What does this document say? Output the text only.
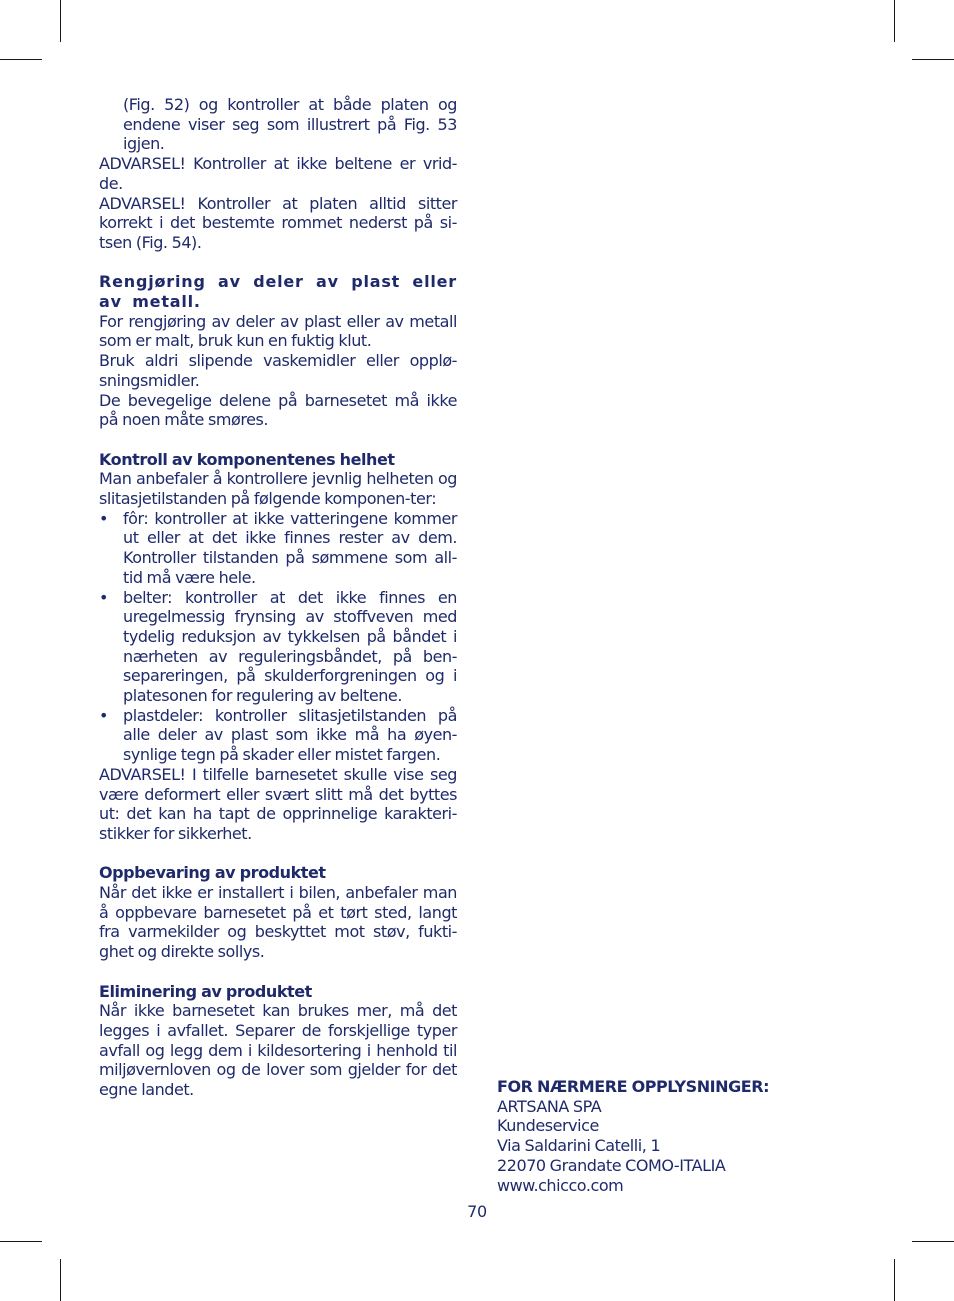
(Fig. 52) og kontroller at både platen og endene viser seg som illustrert på Fig. 53 igjen.

ADVARSEL! Kontroller at ikke beltene er vrid-de.

ADVARSEL! Kontroller at platen alltid sitter korrekt i det bestemte rommet nederst på si-tsen (Fig. 54).

Rengjøring av deler av plast eller av metall.

For rengjøring av deler av plast eller av metall som er malt, bruk kun en fuktig klut.

Bruk aldri slipende vaskemidler eller opplø-sningsmidler.

De bevegelige delene på barnesetet må ikke på noen måte smøres.

Kontroll av komponentenes helhet

Man anbefaler å kontrollere jevnlig helheten og slitasjetilstanden på følgende komponen-ter:

• fôr: kontroller at ikke vatteringene kommer ut eller at det ikke finnes rester av dem. Kontroller tilstanden på sømmene som all-tid må være hele.
• belter: kontroller at det ikke finnes en uregelmessig frynsing av stoffveven med tydelig reduksjon av tykkelsen på båndet i nærheten av reguleringsbåndet, på ben-separeringen, på skulderforgreningen og i platesonen for regulering av beltene.
• plastdeler: kontroller slitasjetilstanden på alle deler av plast som ikke må ha øyen-synlige tegn på skader eller mistet fargen.

ADVARSEL! I tilfelle barnesetet skulle vise seg være deformert eller svært slitt må det byttes ut: det kan ha tapt de opprinnelige karakteri-stikker for sikkerhet.

Oppbevaring av produktet

Når det ikke er installert i bilen, anbefaler man å oppbevare barnesetet på et tørt sted, langt fra varmekilder og beskyttet mot støv, fukti-ghet og direkte sollys.

Eliminering av produktet

Når ikke barnesetet kan brukes mer, må det legges i avfallet. Separer de forskjellige typer avfall og legg dem i kildesortering i henhold til miljøvernloven og de lover som gjelder for det egne landet.	FOR NÆRMERE OPPLYSNINGER:

ARTSANA SPA

Kundeservice

Via Saldarini Catelli, 1

22070 Grandate COMO-ITALIA

www.chicco.com

70
